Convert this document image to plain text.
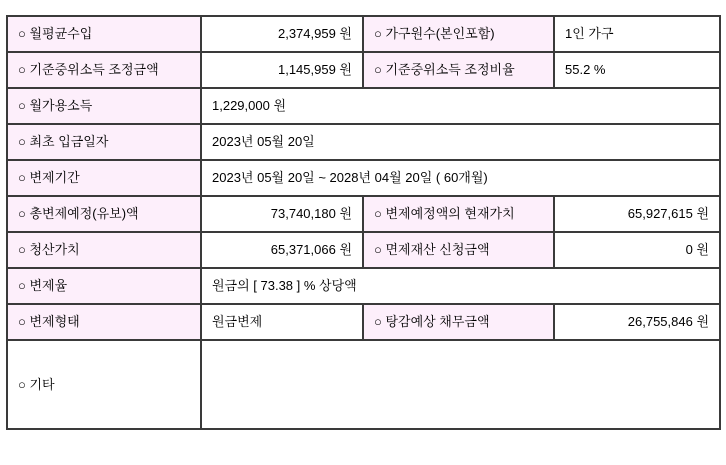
○ 월평균수입	2,374,959 원	○ 가구원수(본인포함)	1인 가구
○ 기준중위소득 조정금액	1,145,959 원	○ 기준중위소득 조정비율	55.2 %
○ 월가용소득	1,229,000 원		
○ 최초 입금일자	2023년 05월 20일		
○ 변제기간	2023년 05월 20일 ~ 2028년 04월 20일 ( 60개월)		
○ 총변제예정(유보)액	73,740,180 원	○ 변제예정액의 현재가치	65,927,615 원
○ 청산가치	65,371,066 원	○ 면제재산 신청금액	0 원
○ 변제율	원금의 [ 73.38 ] % 상당액		
○ 변제형태	원금변제	○ 탕감예상 채무금액	26,755,846 원
○ 기타			
